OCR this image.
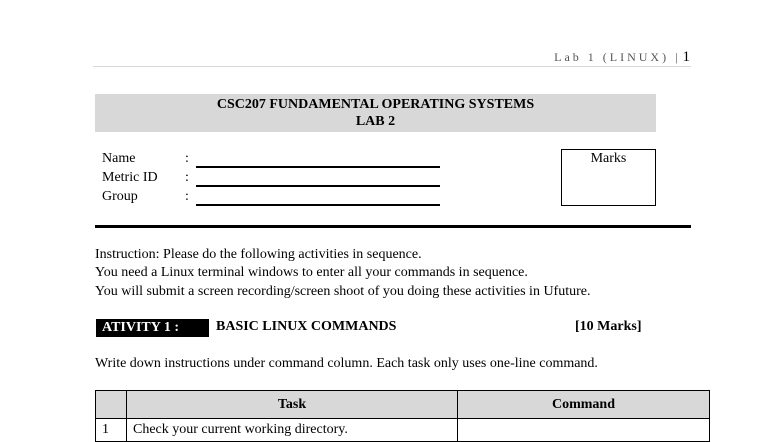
Lab 1 (LINUX) | 1
CSC207 FUNDAMENTAL OPERATING SYSTEMS
LAB 2
Name	:
Metric ID :
Group	:
Marks
Instruction: Please do the following activities in sequence.
You need a Linux terminal windows to enter all your commands in sequence.
You will submit a screen recording/screen shoot of you doing these activities in Ufuture.
ATIVITY 1 :	BASIC LINUX COMMANDS	[10 Marks]
Write down instructions under command column. Each task only uses one-line command.
	Task	Command
1	Check your current working directory.	
